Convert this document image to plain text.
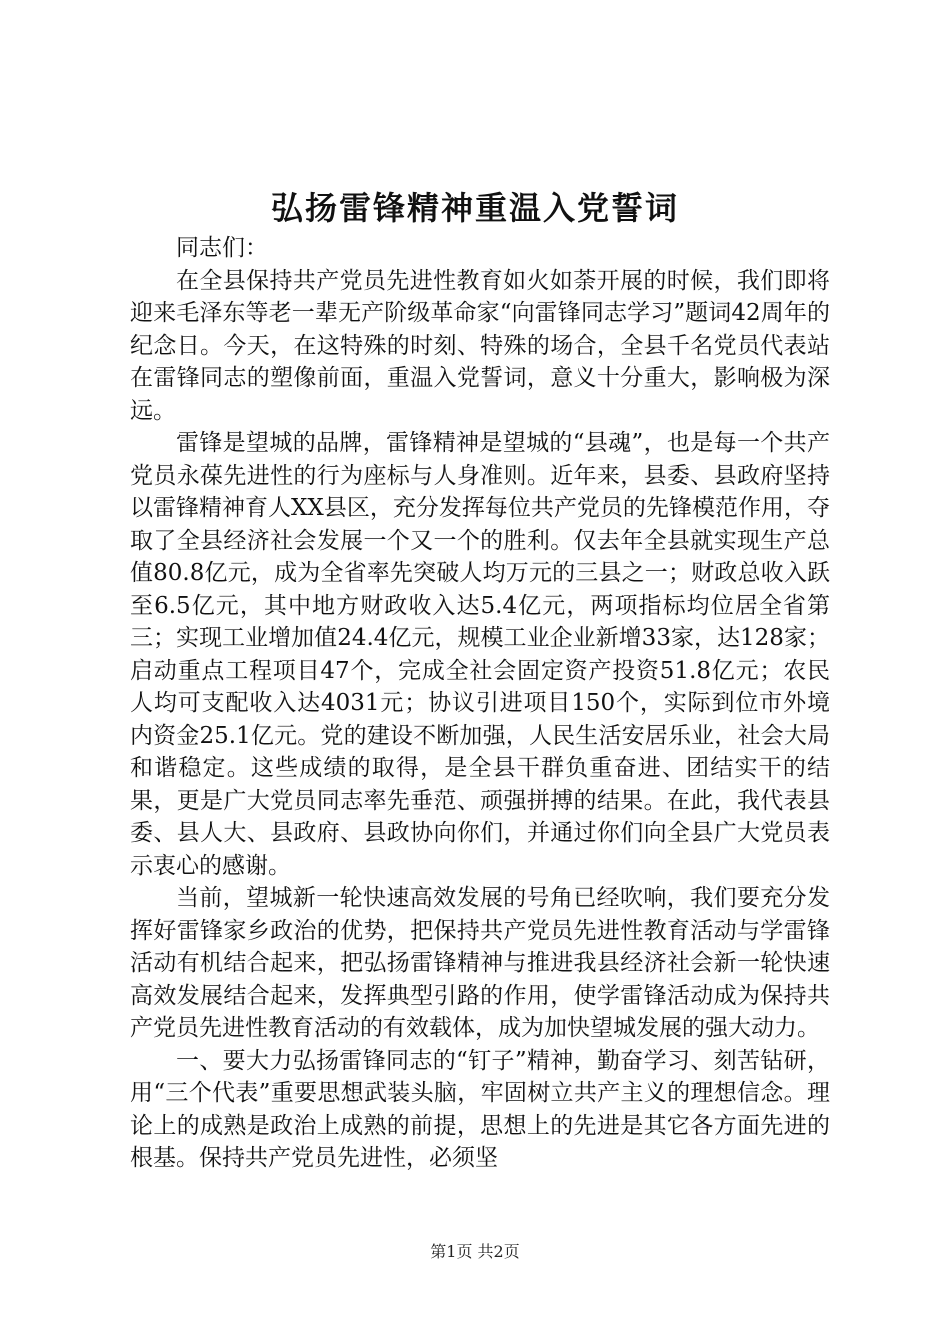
弘扬雷锋精神重温入党誓词

同志们：

在全县保持共产党员先进性教育如火如荼开展的时候，我们即将迎来毛泽东等老一辈无产阶级革命家“向雷锋同志学习”题词42周年的纪念日。今天，在这特殊的时刻、特殊的场合，全县千名党员代表站在雷锋同志的塑像前面，重温入党誓词，意义十分重大，影响极为深远。

雷锋是望城的品牌，雷锋精神是望城的“县魂”，也是每一个共产党员永葆先进性的行为座标与人身准则。近年来，县委、县政府坚持以雷锋精神育人XX县区，充分发挥每位共产党员的先锋模范作用，夺取了全县经济社会发展一个又一个的胜利。仅去年全县就实现生产总值80.8亿元，成为全省率先突破人均万元的三县之一；财政总收入跃至6.5亿元，其中地方财政收入达5.4亿元，两项指标均位居全省第三；实现工业增加值24.4亿元，规模工业企业新增33家，达128家；启动重点工程项目47个，完成全社会固定资产投资51.8亿元；农民人均可支配收入达4031元；协议引进项目150个，实际到位市外境内资金25.1亿元。党的建设不断加强，人民生活安居乐业，社会大局和谐稳定。这些成绩的取得，是全县干群负重奋进、团结实干的结果，更是广大党员同志率先垂范、顽强拼搏的结果。在此，我代表县委、县人大、县政府、县政协向你们，并通过你们向全县广大党员表示衷心的感谢。

当前，望城新一轮快速高效发展的号角已经吹响，我们要充分发挥好雷锋家乡政治的优势，把保持共产党员先进性教育活动与学雷锋活动有机结合起来，把弘扬雷锋精神与推进我县经济社会新一轮快速高效发展结合起来，发挥典型引路的作用，使学雷锋活动成为保持共产党员先进性教育活动的有效载体，成为加快望城发展的强大动力。

一、要大力弘扬雷锋同志的“钉子”精神，勤奋学习、刻苦钻研，用“三个代表”重要思想武装头脑，牢固树立共产主义的理想信念。理论上的成熟是政治上成熟的前提，思想上的先进是其它各方面先进的根基。保持共产党员先进性，必须坚

第1页 共2页
